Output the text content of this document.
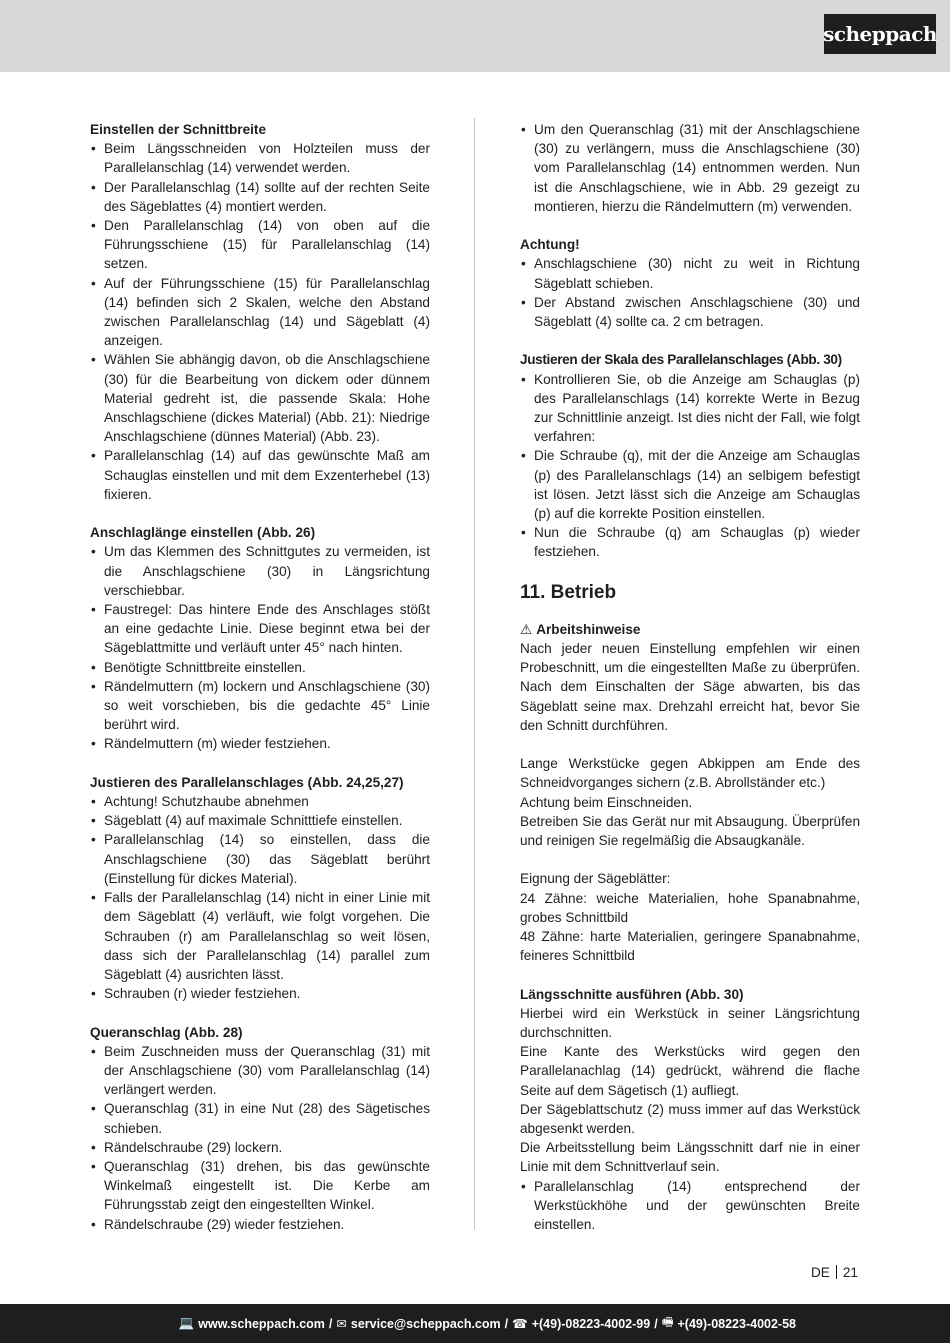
scheppach

Einstellen der Schnittbreite

• Beim Längsschneiden von Holzteilen muss der Parallelanschlag (14) verwendet werden.
• Der Parallelanschlag (14) sollte auf der rechten Seite des Sägeblattes (4) montiert werden.
• Den Parallelanschlag (14) von oben auf die Führungsschiene (15) für Parallelanschlag (14) setzen.
• Auf der Führungsschiene (15) für Parallelanschlag (14) befinden sich 2 Skalen, welche den Abstand zwischen Parallelanschlag (14) und Sägeblatt (4) anzeigen.
• Wählen Sie abhängig davon, ob die Anschlagschiene (30) für die Bearbeitung von dickem oder dünnem Material gedreht ist, die passende Skala: Hohe Anschlagschiene (dickes Material) (Abb. 21): Niedrige Anschlagschiene (dünnes Material) (Abb. 23).
• Parallelanschlag (14) auf das gewünschte Maß am Schauglas einstellen und mit dem Exzenterhebel (13) fixieren.

Anschlaglänge einstellen (Abb. 26)

• Um das Klemmen des Schnittgutes zu vermeiden, ist die Anschlagschiene (30) in Längsrichtung verschiebbar.
• Faustregel: Das hintere Ende des Anschlages stößt an eine gedachte Linie. Diese beginnt etwa bei der Sägeblattmitte und verläuft unter 45° nach hinten.
• Benötigte Schnittbreite einstellen.
• Rändelmuttern (m) lockern und Anschlagschiene (30) so weit vorschieben, bis die gedachte 45° Linie berührt wird.
• Rändelmuttern (m) wieder festziehen.

Justieren des Parallelanschlages (Abb. 24,25,27)

• Achtung! Schutzhaube abnehmen
• Sägeblatt (4) auf maximale Schnitttiefe einstellen.
• Parallelanschlag (14) so einstellen, dass die Anschlagschiene (30) das Sägeblatt berührt (Einstellung für dickes Material).
• Falls der Parallelanschlag (14) nicht in einer Linie mit dem Sägeblatt (4) verläuft, wie folgt vorgehen. Die Schrauben (r) am Parallelanschlag so weit lösen, dass sich der Parallelanschlag (14) parallel zum Sägeblatt (4) ausrichten lässt.
• Schrauben (r) wieder festziehen.

Queranschlag (Abb. 28)

• Beim Zuschneiden muss der Queranschlag (31) mit der Anschlagschiene (30) vom Parallelanschlag (14) verlängert werden.
• Queranschlag (31) in eine Nut (28) des Sägetisches schieben.
• Rändelschraube (29) lockern.
• Queranschlag (31) drehen, bis das gewünschte Winkelmaß eingestellt ist. Die Kerbe am Führungsstab zeigt den eingestellten Winkel.
• Rändelschraube (29) wieder festziehen.
• Um den Queranschlag (31) mit der Anschlagschiene (30) zu verlängern, muss die Anschlagschiene (30) vom Parallelanschlag (14) entnommen werden. Nun ist die Anschlagschiene, wie in Abb. 29 gezeigt zu montieren, hierzu die Rändelmuttern (m) verwenden.

Achtung!

• Anschlagschiene (30) nicht zu weit in Richtung Sägeblatt schieben.
• Der Abstand zwischen Anschlagschiene (30) und Sägeblatt (4) sollte ca. 2 cm betragen.

Justieren der Skala des Parallelanschlages (Abb. 30)

• Kontrollieren Sie, ob die Anzeige am Schauglas (p) des Parallelanschlags (14) korrekte Werte in Bezug zur Schnittlinie anzeigt. Ist dies nicht der Fall, wie folgt verfahren:
• Die Schraube (q), mit der die Anzeige am Schauglas (p) des Parallelanschlags (14) an selbigem befestigt ist lösen. Jetzt lässt sich die Anzeige am Schauglas (p) auf die korrekte Position einstellen.
• Nun die Schraube (q) am Schauglas (p) wieder festziehen.
11. Betrieb

⚠ Arbeitshinweise

Nach jeder neuen Einstellung empfehlen wir einen Probeschnitt, um die eingestellten Maße zu überprüfen. Nach dem Einschalten der Säge abwarten, bis das Sägeblatt seine max. Drehzahl erreicht hat, bevor Sie den Schnitt durchführen.

Lange Werkstücke gegen Abkippen am Ende des Schneidvorganges sichern (z.B. Abrollständer etc.)

Achtung beim Einschneiden.

Betreiben Sie das Gerät nur mit Absaugung. Überprüfen und reinigen Sie regelmäßig die Absaugkanäle.

Eignung der Sägeblätter:

24 Zähne: weiche Materialien, hohe Spanabnahme, grobes Schnittbild

48 Zähne: harte Materialien, geringere Spanabnahme, feineres Schnittbild

Längsschnitte ausführen (Abb. 30)

Hierbei wird ein Werkstück in seiner Längsrichtung durchschnitten.

Eine Kante des Werkstücks wird gegen den Parallelanachlag (14) gedrückt, während die flache Seite auf dem Sägetisch (1) aufliegt.

Der Sägeblattschutz (2) muss immer auf das Werkstück abgesenkt werden.

Die Arbeitsstellung beim Längsschnitt darf nie in einer Linie mit dem Schnittverlauf sein.

• Parallelanschlag (14) entsprechend der Werkstückhöhe und der gewünschten Breite einstellen.
DE 21
💻 www.scheppach.com / ✉ service@scheppach.com / ☎ +(49)-08223-4002-99 / 🖷 +(49)-08223-4002-58
